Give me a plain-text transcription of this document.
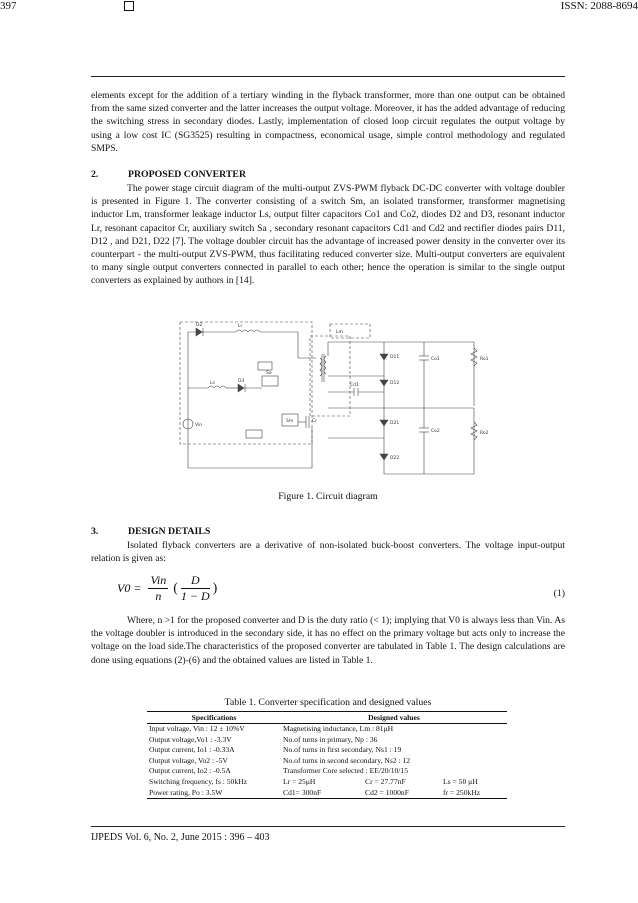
397	ISSN: 2088-8694
elements except for the addition of a tertiary winding in the flyback transformer, more than one output can be obtained from the same sized converter and the latter increases the output voltage. Moreover, it has the added advantage of reducing the switching stress in secondary diodes. Lastly, implementation of closed loop circuit regulates the output voltage by using a low cost IC (SG3525) resulting in compactness, economical usage, simple control methodology and regulated SMPS.
2.	PROPOSED CONVERTER
The power stage circuit diagram of the multi-output ZVS-PWM flyback DC-DC converter with voltage doubler is presented in Figure 1. The converter consisting of a switch Sm, an isolated transformer, transformer magnetising inductor Lm, transformer leakage inductor Ls, output filter capacitors Co1 and Co2, diodes D2 and D3, resonant inductor Lr, resonant capacitor Cr, auxiliary switch Sa , secondary resonant capacitors Cd1 and Cd2 and rectifier diodes pairs D11, D12 , and D21, D22 [7]. The voltage doubler circuit has the advantage of increased power density in the converter over its counterpart - the multi-output ZVS-PWM, thus facilitating reduced converter size. Multi-output converters are equivalent to many single output converters connected in parallel to each other; hence the operation is similar to the single output converters as explained by authors in [14].
Lr
D2
Ls
Sa
Cr
D3
Sm
Vin
Lm
D11
D12
Co1	Ro1
Cd1
D21
D22
Co2	Ro2
Figure 1. Circuit diagram
3.	DESIGN DETAILS
Isolated flyback converters are a derivative of non-isolated buck-boost converters. The voltage input-output relation is given as:
V0 =
Vin
n
( $\frac{D}{1 - D}$ )	(1)
Where, n >1 for the proposed converter and D is the duty ratio (< 1); implying that V0 is always less than Vin. As the voltage doubler is introduced in the secondary side, it has no effect on the primary voltage but acts only to increase the voltage on the load side.The characteristics of the proposed converter are tabulated in Table 1. The design calculations are done using equations (2)-(6) and the obtained values are listed in Table 1.
Table 1. Converter specification and designed values
Specifications	Designed values		
Input voltage, Vin : 12 ± 10%V	Magnetising inductance, Lm : 81μH		
Output voltage,Vo1 : -3.3V	No.of turns in primary, Np : 36		
Output current, Io1 : -0.33A	No.of turns in first secondary, Ns1 : 19		
Output voltage, Vo2 : -5V	No.of turns in second secondary, Ns2 : 12		
Output current, Io2 : -0.5A	Transformer Core selected : EE/20/10/15		
Switching frequency, fs : 50kHz	Lr = 25μH	Cr = 27.77nF	Ls = 50 μH
Power rating, Po : 3.5W	Cd1= 300nF	Cd2 = 1000nF	fr = 250kHz
IJPEDS Vol. 6, No. 2, June 2015 : 396 – 403
